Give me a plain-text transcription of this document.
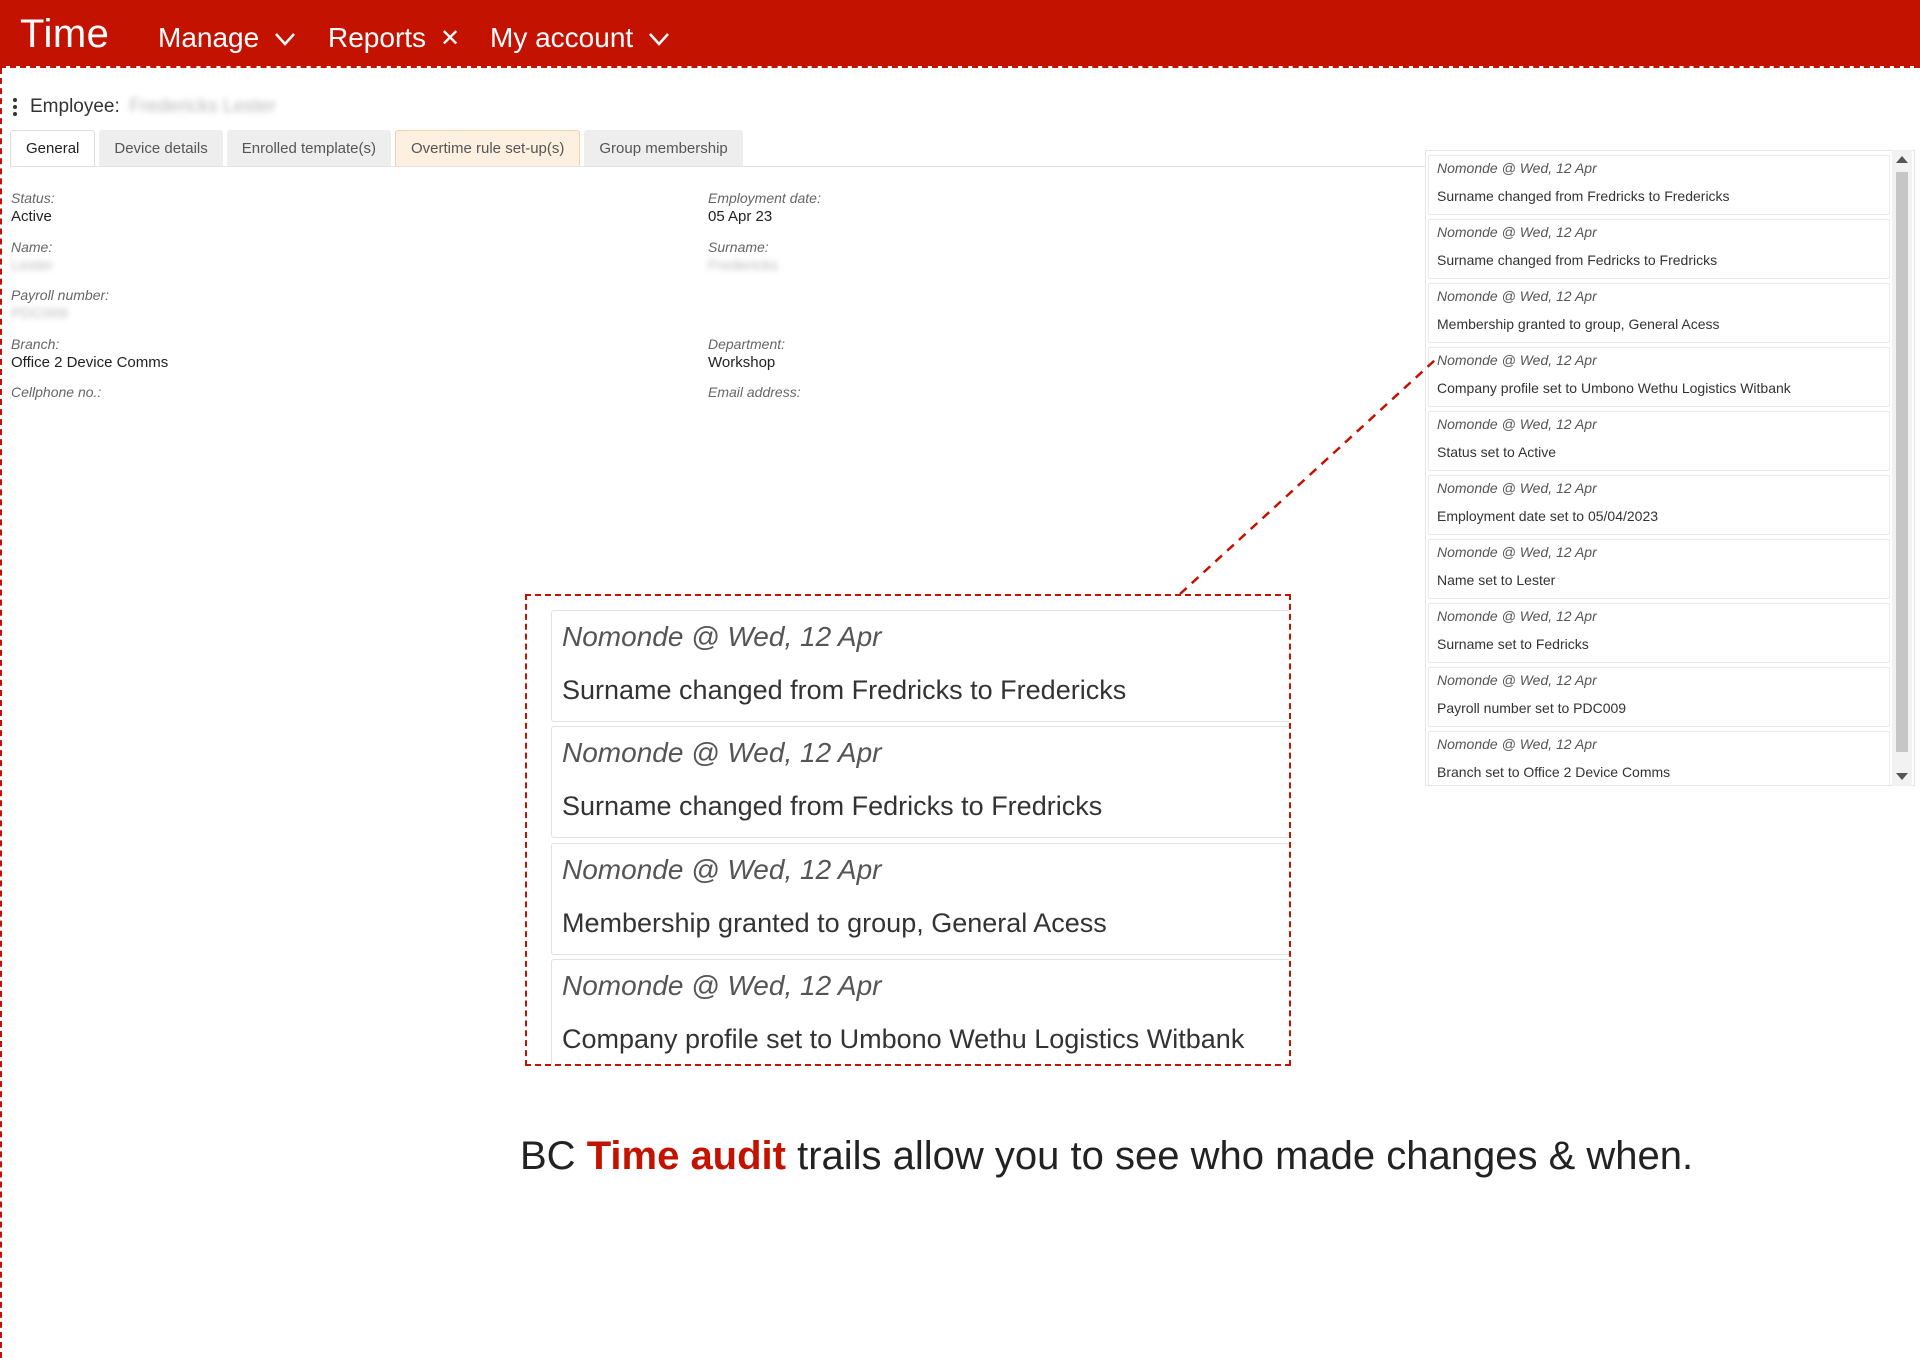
Time Manage Reports ✕ My account
Employee: Fredericks Lester
General	Device details	Enrolled template(s)	Overtime rule set-up(s)	Group membership
Status:
Active
Employment date:
05 Apr 23
Name:
Lester
Surname:
Fredericks
Payroll number:
PDC009
Branch:
Office 2 Device Comms
Department:
Workshop
Cellphone no.:	Email address:
Nomonde @ Wed, 12 Apr
Surname changed from Fredricks to Fredericks
Nomonde @ Wed, 12 Apr
Surname changed from Fedricks to Fredricks
Nomonde @ Wed, 12 Apr
Membership granted to group, General Acess
Nomonde @ Wed, 12 Apr
Company profile set to Umbono Wethu Logistics Witbank
Nomonde @ Wed, 12 Apr
Status set to Active
Nomonde @ Wed, 12 Apr
Employment date set to 05/04/2023
Nomonde @ Wed, 12 Apr
Name set to Lester
Nomonde @ Wed, 12 Apr
Surname set to Fedricks
Nomonde @ Wed, 12 Apr
Payroll number set to PDC009
Nomonde @ Wed, 12 Apr
Branch set to Office 2 Device Comms
Nomonde @ Wed, 12 Apr
Surname changed from Fredricks to Fredericks
Nomonde @ Wed, 12 Apr
Surname changed from Fedricks to Fredricks
Nomonde @ Wed, 12 Apr
Membership granted to group, General Acess
Nomonde @ Wed, 12 Apr
Company profile set to Umbono Wethu Logistics Witbank
BC Time audit trails allow you to see who made changes & when.
